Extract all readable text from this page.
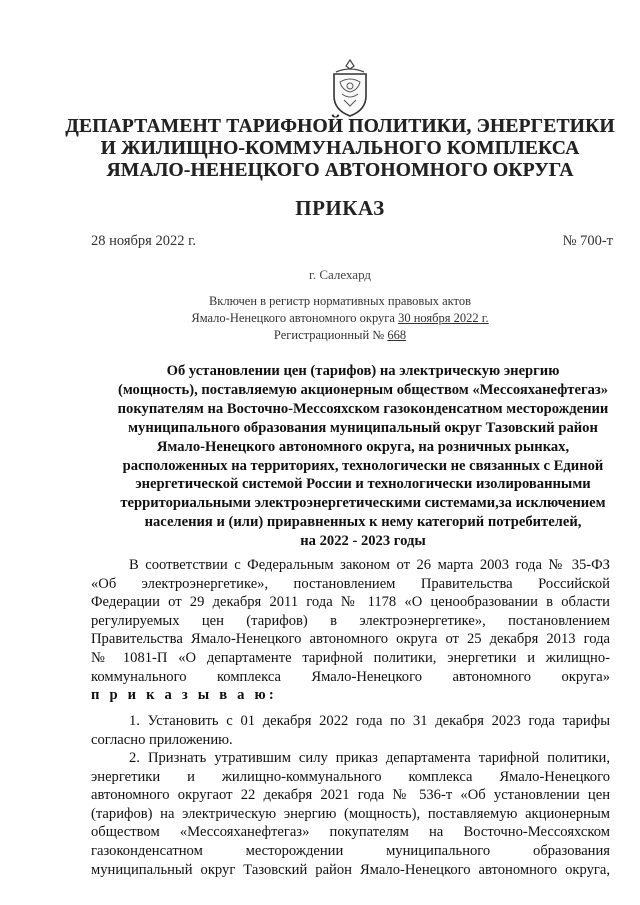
ДЕПАРТАМЕНТ ТАРИФНОЙ ПОЛИТИКИ, ЭНЕРГЕТИКИ
И ЖИЛИЩНО-КОММУНАЛЬНОГО КОМПЛЕКСА
ЯМАЛО-НЕНЕЦКОГО АВТОНОМНОГО ОКРУГА
ПРИКАЗ
28 ноября 2022 г.	№ 700-т
г. Салехард
Включен в регистр нормативных правовых актов
Ямало-Ненецкого автономного округа 30 ноября 2022 г.
Регистрационный № 668
Об установлении цен (тарифов) на электрическую энергию
(мощность), поставляемую акционерным обществом «Мессояханефтегаз»
покупателям на Восточно-Мессояхском газоконденсатном месторождении
муниципального образования муниципальный округ Тазовский район
Ямало-Ненецкого автономного округа, на розничных рынках,
расположенных на территориях, технологически не связанных с Единой
энергетической системой России и технологически изолированными
территориальными электроэнергетическими системами,за исключением
населения и (или) приравненных к нему категорий потребителей,
на 2022 - 2023 годы
В соответствии с Федеральным законом от 26 марта 2003 года № 35-ФЗ
«Об электроэнергетике», постановлением Правительства Российской
Федерации от 29 декабря 2011 года № 1178 «О ценообразовании в области
регулируемых цен (тарифов) в электроэнергетике», постановлением
Правительства Ямало-Ненецкого автономного округа от 25 декабря 2013 года
№ 1081-П «О департаменте тарифной политики, энергетики и жилищно-
коммунального комплекса Ямало-Ненецкого автономного округа»
п р и к а з ы в а ю:
1. Установить с 01 декабря 2022 года по 31 декабря 2023 года тарифы
согласно приложению.
2. Признать утратившим силу приказ департамента тарифной политики,
энергетики и жилищно-коммунального комплекса Ямало-Ненецкого
автономного округаот 22 декабря 2021 года № 536-т «Об установлении цен
(тарифов) на электрическую энергию (мощность), поставляемую акционерным
обществом «Мессояханефтегаз» покупателям на Восточно-Мессояхском
газоконденсатном месторождении муниципального образования
муниципальный округ Тазовский район Ямало-Ненецкого автономного округа,
